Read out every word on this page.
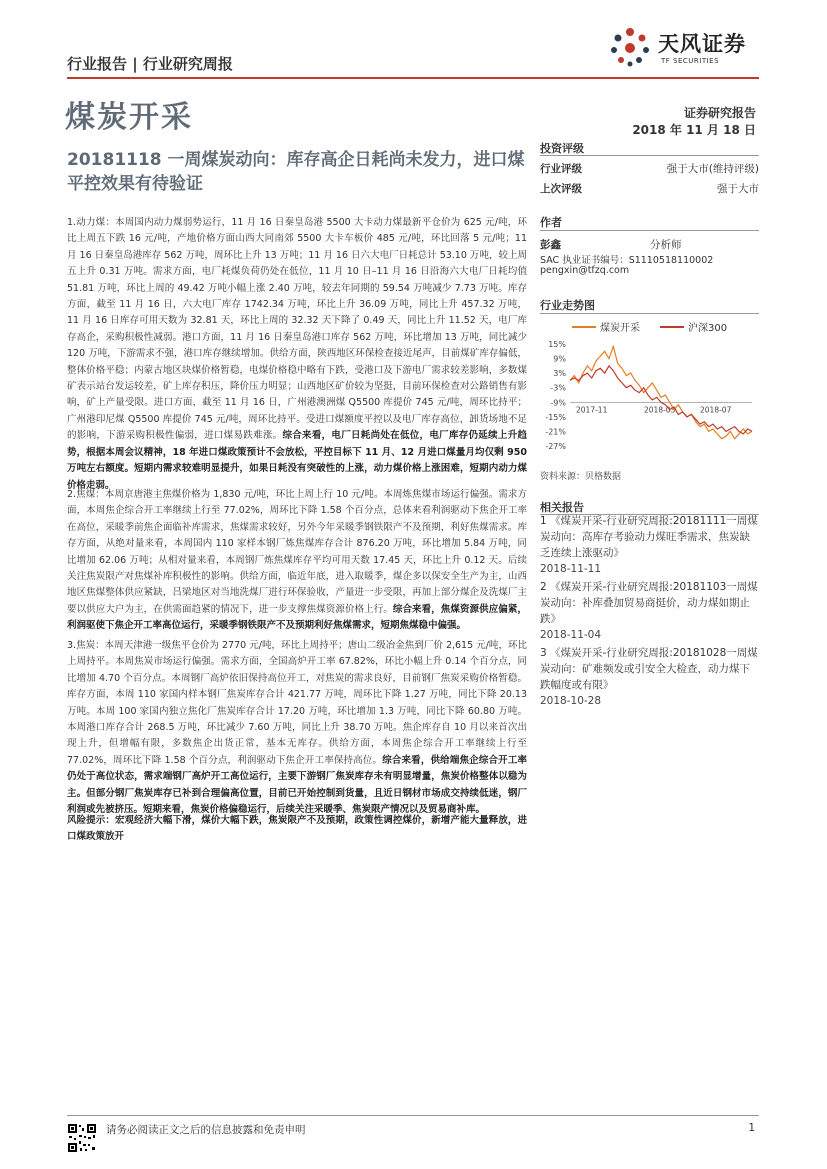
天风证券
TF SECURITIES
行业报告 | 行业研究周报
煤炭开采	证券研究报告
2018 年 11 月 18 日
20181118 一周煤炭动向：库存高企日耗尚未发力，进口煤平控效果有待验证
1.动力煤：本周国内动力煤弱势运行，11 月 16 日秦皇岛港 5500 大卡动力煤最新平仓价为 625 元/吨，环比上周五下跌 16 元/吨，产地价格方面山西大同南郊 5500 大卡车板价 485 元/吨，环比回落 5 元/吨；11 月 16 日秦皇岛港库存 562 万吨，周环比上升 13 万吨；11 月 16 日六大电厂日耗总计 53.10 万吨，较上周五上升 0.31 万吨。需求方面，电厂耗煤负荷仍处在低位，11 月 10 日–11 月 16 日沿海六大电厂日耗均值 51.81 万吨，环比上周的 49.42 万吨小幅上涨 2.40 万吨，较去年同期的 59.54 万吨减少 7.73 万吨。库存方面，截至 11 月 16 日，六大电厂库存 1742.34 万吨，环比上升 36.09 万吨，同比上升 457.32 万吨，11 月 16 日库存可用天数为 32.81 天，环比上周的 32.32 天下降了 0.49 天，同比上升 11.52 天，电厂库存高企，采购积极性减弱。港口方面，11 月 16 日秦皇岛港口库存 562 万吨，环比增加 13 万吨，同比减少 120 万吨，下游需求不强，港口库存继续增加。供给方面，陕西地区环保检查接近尾声，目前煤矿库存偏低，整体价格平稳；内蒙古地区块煤价格暂稳，电煤价格稳中略有下跌，受港口及下游电厂需求较差影响，多数煤矿表示站台发运较差，矿上库存积压，降价压力明显；山西地区矿价较为坚挺，目前环保检查对公路销售有影响，矿上产量受限。进口方面，截至 11 月 16 日，广州港澳洲煤 Q5500 库提价 745 元/吨，周环比持平；广州港印尼煤 Q5500 库提价 745 元/吨，周环比持平。受进口煤额度平控以及电厂库存高位，卸货场地不足的影响，下游采购积极性偏弱，进口煤易跌难涨。综合来看，电厂日耗尚处在低位，电厂库存仍延续上升趋势，根据本周会议精神，18 年进口煤政策预计不会放松，平控目标下 11 月、12 月进口煤量月均仅剩 950 万吨左右额度。短期内需求较难明显提升，如果日耗没有突破性的上涨，动力煤价格上涨困难，短期内动力煤价格走弱。
2.焦煤：本周京唐港主焦煤价格为 1,830 元/吨，环比上周上行 10 元/吨。本周炼焦煤市场运行偏强。需求方面，本周焦企综合开工率继续上行至 77.02%，周环比下降 1.58 个百分点，总体来看利润驱动下焦企开工率在高位，采暖季前焦企面临补库需求，焦煤需求较好，另外今年采暖季钢铁限产不及预期，利好焦煤需求。库存方面，从绝对量来看，本周国内 110 家样本钢厂炼焦煤库存合计 876.20 万吨，环比增加 5.84 万吨，同比增加 62.06 万吨；从相对量来看，本周钢厂炼焦煤库存平均可用天数 17.45 天，环比上升 0.12 天。后续关注焦炭限产对焦煤补库积极性的影响。供给方面，临近年底，进入取暖季，煤企多以保安全生产为主，山西地区焦煤整体供应紧缺，吕梁地区对当地洗煤厂进行环保验收，产量进一步受限，再加上部分煤企及洗煤厂主要以供应大户为主，在供需面趋紧的情况下，进一步支撑焦煤资源价格上行。综合来看，焦煤资源供应偏紧，利润驱使下焦企开工率高位运行，采暖季钢铁限产不及预期利好焦煤需求，短期焦煤稳中偏强。
3.焦炭：本周天津港一级焦平仓价为 2770 元/吨，环比上周持平；唐山二级冶金焦到厂价 2,615 元/吨，环比上周持平。本周焦炭市场运行偏强。需求方面，全国高炉开工率 67.82%，环比小幅上升 0.14 个百分点，同比增加 4.70 个百分点。本周钢厂高炉依旧保持高位开工，对焦炭的需求良好，目前钢厂焦炭采购价格暂稳。库存方面，本周 110 家国内样本钢厂焦炭库存合计 421.77 万吨，周环比下降 1.27 万吨，同比下降 20.13 万吨。本周 100 家国内独立焦化厂焦炭库存合计 17.20 万吨，环比增加 1.3 万吨，同比下降 60.80 万吨。本周港口库存合计 268.5 万吨，环比减少 7.60 万吨，同比上升 38.70 万吨。焦企库存自 10 月以来首次出现上升，但增幅有限，多数焦企出货正常，基本无库存。供给方面，本周焦企综合开工率继续上行至 77.02%，周环比下降 1.58 个百分点，利润驱动下焦企开工率保持高位。综合来看，供给端焦企综合开工率仍处于高位状态，需求端钢厂高炉开工高位运行，主要下游钢厂焦炭库存未有明显增量，焦炭价格整体以稳为主。但部分钢厂焦炭库存已补到合理偏高位置，目前已开始控制到货量，且近日钢材市场成交持续低迷，钢厂利润或先被挤压。短期来看，焦炭价格偏稳运行，后续关注采暖季、焦炭限产情况以及贸易商补库。
风险提示：宏观经济大幅下滑，煤价大幅下跌，焦炭限产不及预期，政策性调控煤价，新增产能大量释放，进口煤政策放开
投资评级
行业评级	强于大市(维持评级)
上次评级	强于大市
作者
彭鑫	分析师
SAC 执业证书编号：S1110518110002
pengxin@tfzq.com
行业走势图
煤炭开采	沪深300
15%
9%
3%
-3%
-9%
-15%
-21%
-27%
2017-11	2018-03	2018-07
资料来源：贝格数据
相关报告
1 《煤炭开采-行业研究周报:20181111一周煤炭动向：高库存考验动力煤旺季需求，焦炭缺乏连续上涨驱动》
2018-11-11
2 《煤炭开采-行业研究周报:20181103一周煤炭动向：补库叠加贸易商挺价，动力煤如期止跌》
2018-11-04
3 《煤炭开采-行业研究周报:20181028一周煤炭动向：矿难频发或引安全大检查，动力煤下跌幅度或有限》
2018-10-28
请务必阅读正文之后的信息披露和免责申明	1
